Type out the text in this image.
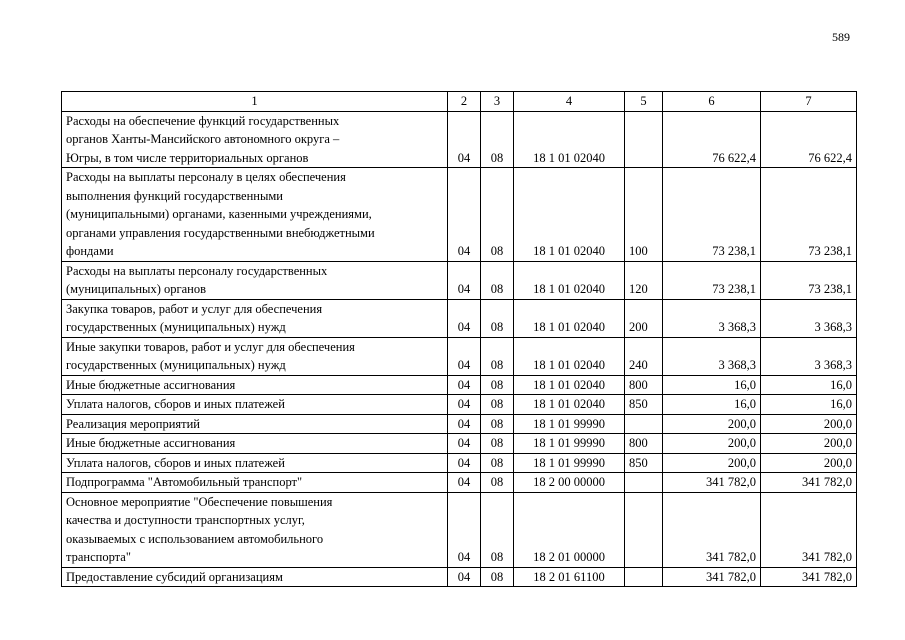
589
1	2	3	4	5	6	7

Расходы на обеспечение функций государственных
органов Ханты-Мансийского автономного округа –
Югры, в том числе территориальных органов	04	08	18 1 01 02040		76 622,4	76 622,4

Расходы на выплаты персоналу в целях обеспечения
выполнения функций государственными
(муниципальными) органами, казенными учреждениями,
органами управления государственными внебюджетными
фондами	04	08	18 1 01 02040	100	73 238,1	73 238,1

Расходы на выплаты персоналу государственных
(муниципальных) органов	04	08	18 1 01 02040	120	73 238,1	73 238,1

Закупка товаров, работ и услуг для обеспечения
государственных (муниципальных) нужд	04	08	18 1 01 02040	200	3 368,3	3 368,3

Иные закупки товаров, работ и услуг для обеспечения
государственных (муниципальных) нужд	04	08	18 1 01 02040	240	3 368,3	3 368,3

Иные бюджетные ассигнования	04	08	18 1 01 02040	800	16,0	16,0

Уплата налогов, сборов и иных платежей	04	08	18 1 01 02040	850	16,0	16,0

Реализация мероприятий	04	08	18 1 01 99990		200,0	200,0

Иные бюджетные ассигнования	04	08	18 1 01 99990	800	200,0	200,0

Уплата налогов, сборов и иных платежей	04	08	18 1 01 99990	850	200,0	200,0

Подпрограмма "Автомобильный транспорт"	04	08	18 2 00 00000		341 782,0	341 782,0

Основное мероприятие "Обеспечение повышения
качества и доступности транспортных услуг,
оказываемых с использованием автомобильного
транспорта"	04	08	18 2 01 00000		341 782,0	341 782,0

Предоставление субсидий организациям	04	08	18 2 01 61100		341 782,0	341 782,0
